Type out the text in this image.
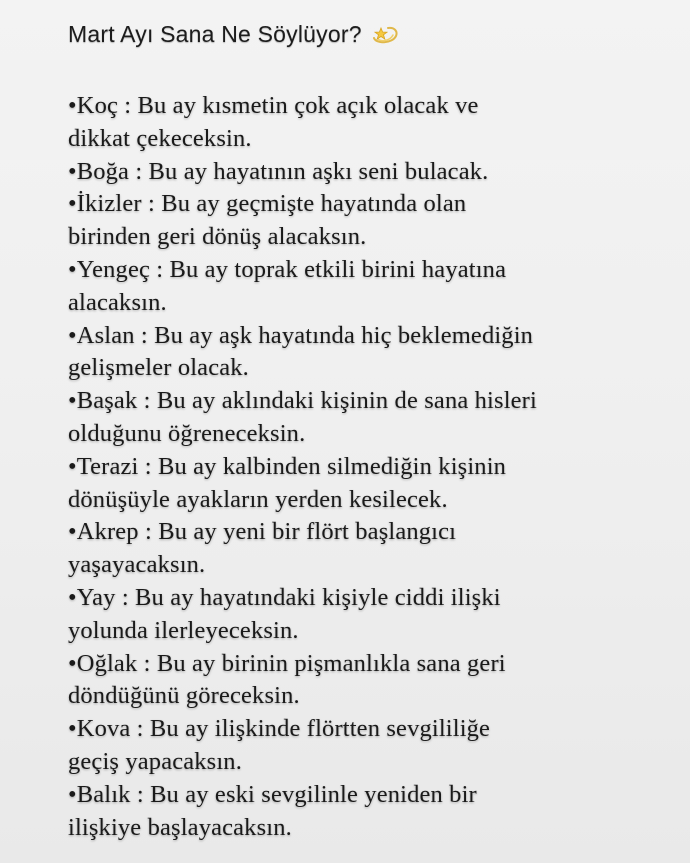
Mart Ayı Sana Ne Söylüyor?
•Koç : Bu ay kısmetin çok açık olacak ve
dikkat çekeceksin.
•Boğa : Bu ay hayatının aşkı seni bulacak.
•İkizler : Bu ay geçmişte hayatında olan
birinden geri dönüş alacaksın.
•Yengeç : Bu ay toprak etkili birini hayatına
alacaksın.
•Aslan : Bu ay aşk hayatında hiç beklemediğin
gelişmeler olacak.
•Başak : Bu ay aklındaki kişinin de sana hisleri
olduğunu öğreneceksin.
•Terazi : Bu ay kalbinden silmediğin kişinin
dönüşüyle ayakların yerden kesilecek.
•Akrep : Bu ay yeni bir flört başlangıcı
yaşayacaksın.
•Yay : Bu ay hayatındaki kişiyle ciddi ilişki
yolunda ilerleyeceksin.
•Oğlak : Bu ay birinin pişmanlıkla sana geri
döndüğünü göreceksin.
•Kova : Bu ay ilişkinde flörtten sevgililiğe
geçiş yapacaksın.
•Balık : Bu ay eski sevgilinle yeniden bir
ilişkiye başlayacaksın.
